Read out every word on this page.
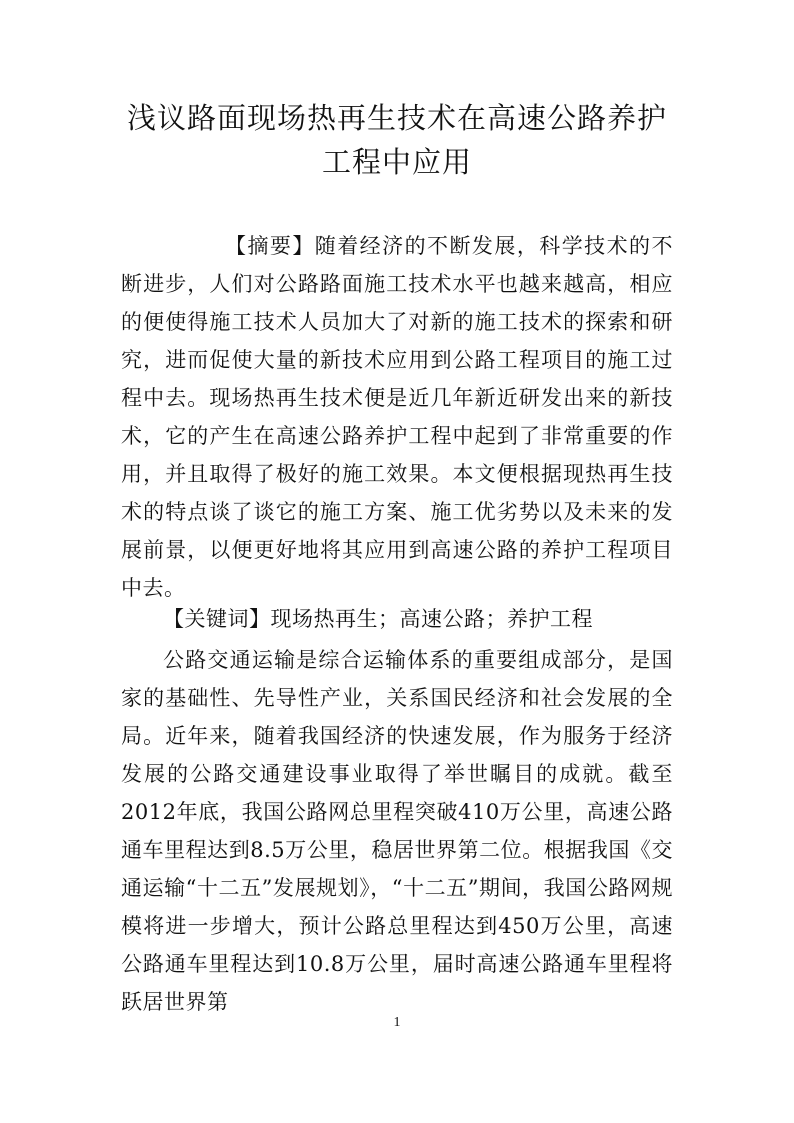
浅议路面现场热再生技术在高速公路养护
工程中应用

【摘要】随着经济的不断发展，科学技术的不断进步，人们对公路路面施工技术水平也越来越高，相应的便使得施工技术人员加大了对新的施工技术的探索和研究，进而促使大量的新技术应用到公路工程项目的施工过程中去。现场热再生技术便是近几年新近研发出来的新技术，它的产生在高速公路养护工程中起到了非常重要的作用，并且取得了极好的施工效果。本文便根据现热再生技术的特点谈了谈它的施工方案、施工优劣势以及未来的发展前景，以便更好地将其应用到高速公路的养护工程项目中去。

【关键词】现场热再生；高速公路；养护工程

公路交通运输是综合运输体系的重要组成部分，是国家的基础性、先导性产业，关系国民经济和社会发展的全局。近年来，随着我国经济的快速发展，作为服务于经济发展的公路交通建设事业取得了举世瞩目的成就。截至2012年底，我国公路网总里程突破410万公里，高速公路通车里程达到8.5万公里，稳居世界第二位。根据我国《交通运输“十二五”发展规划》，“十二五”期间，我国公路网规模将进一步增大，预计公路总里程达到450万公里，高速公路通车里程达到10.8万公里，届时高速公路通车里程将跃居世界第

1
